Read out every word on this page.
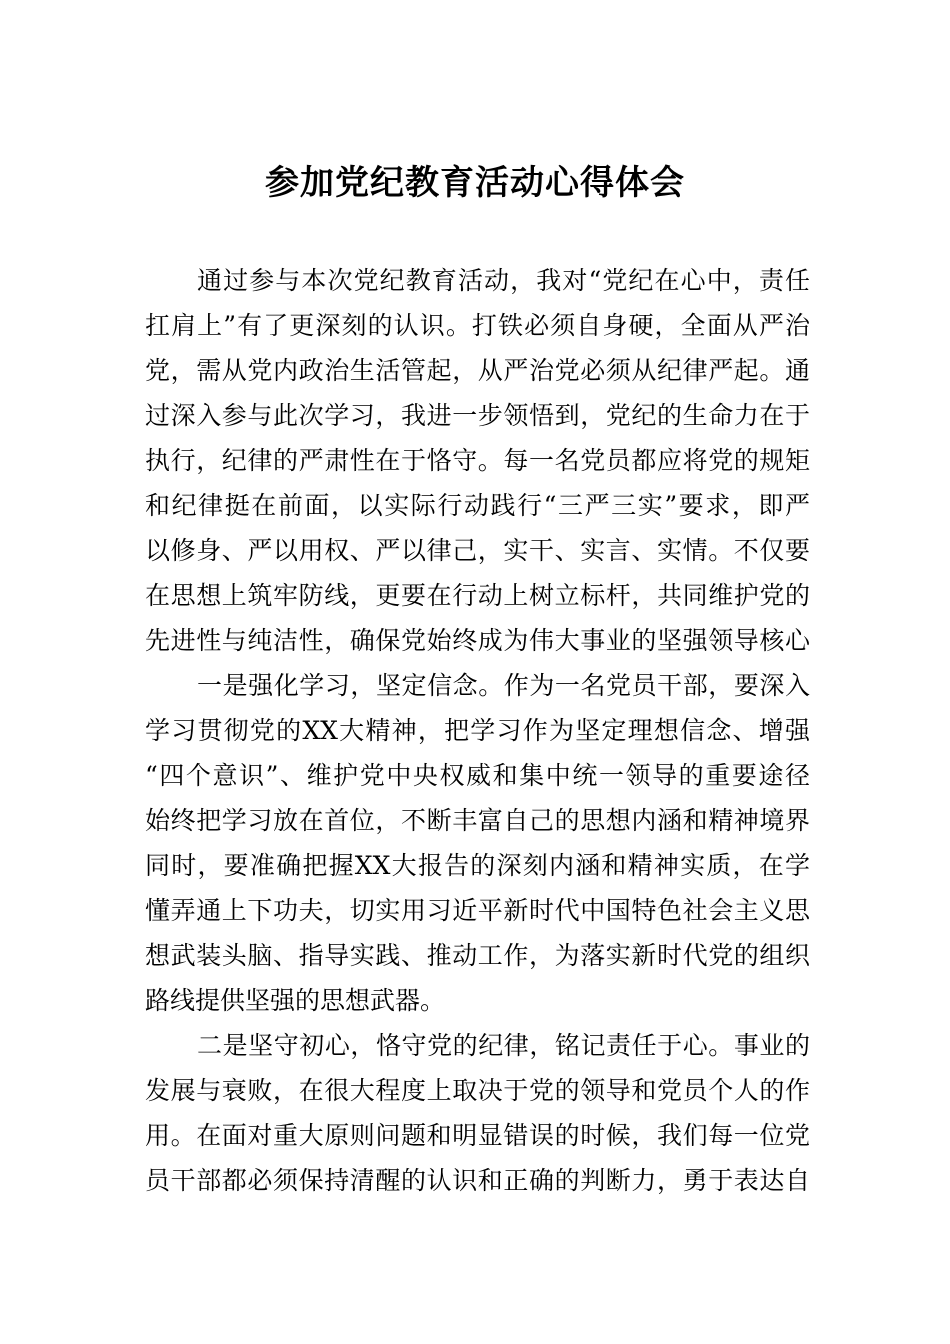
参加党纪教育活动心得体会
通过参与本次党纪教育活动，我对“党纪在心中，责任
扛肩上”有了更深刻的认识。打铁必须自身硬，全面从严治
党，需从党内政治生活管起，从严治党必须从纪律严起。通
过深入参与此次学习，我进一步领悟到，党纪的生命力在于
执行，纪律的严肃性在于恪守。每一名党员都应将党的规矩
和纪律挺在前面，以实际行动践行“三严三实”要求，即严
以修身、严以用权、严以律己，实干、实言、实情。不仅要
在思想上筑牢防线，更要在行动上树立标杆，共同维护党的
先进性与纯洁性，确保党始终成为伟大事业的坚强领导核心
一是强化学习，坚定信念。作为一名党员干部，要深入
学习贯彻党的XX大精神，把学习作为坚定理想信念、增强
“四个意识”、维护党中央权威和集中统一领导的重要途径
始终把学习放在首位，不断丰富自己的思想内涵和精神境界
同时，要准确把握XX大报告的深刻内涵和精神实质，在学
懂弄通上下功夫，切实用习近平新时代中国特色社会主义思
想武装头脑、指导实践、推动工作，为落实新时代党的组织
路线提供坚强的思想武器。
二是坚守初心，恪守党的纪律，铭记责任于心。事业的
发展与衰败，在很大程度上取决于党的领导和党员个人的作
用。在面对重大原则问题和明显错误的时候，我们每一位党
员干部都必须保持清醒的认识和正确的判断力，勇于表达自
